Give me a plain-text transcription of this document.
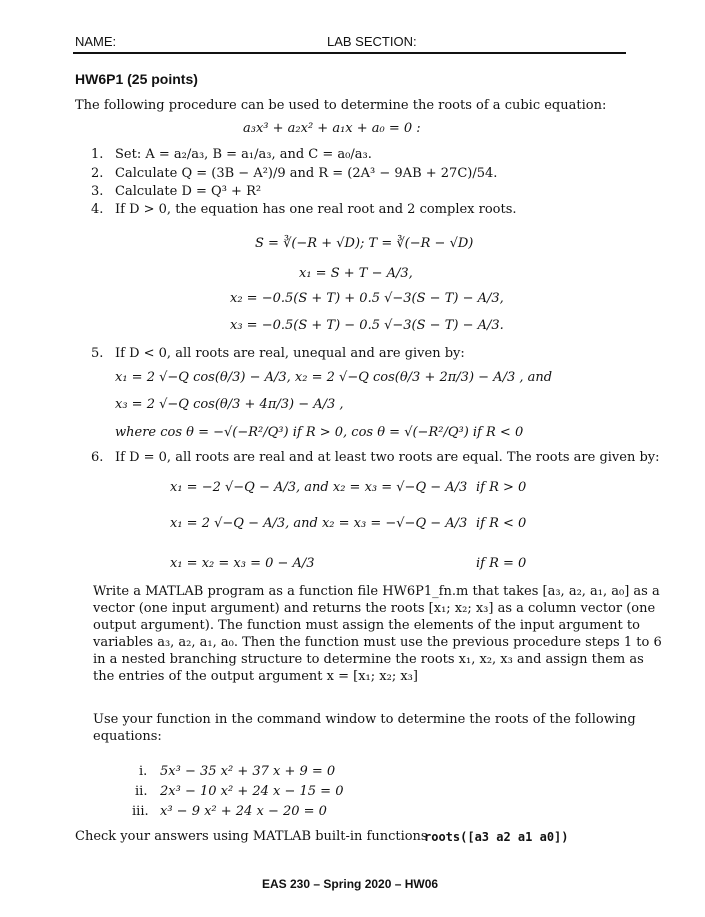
NAME:	LAB SECTION:
HW6P1 (25 points)
The following procedure can be used to determine the roots of a cubic equation:
a₃x³ + a₂x² + a₁x + a₀ = 0 :
1. Set: A = a₂/a₃, B = a₁/a₃, and C = a₀/a₃.
2. Calculate Q = (3B − A²)/9 and R = (2A³ − 9AB + 27C)/54.
3. Calculate D = Q³ + R²
4. If D > 0, the equation has one real root and 2 complex roots.
S = ∛(−R + √D); T = ∛(−R − √D)
x₁ = S + T − A/3,
x₂ = −0.5(S + T) + 0.5 √−3(S − T) − A/3,
x₃ = −0.5(S + T) − 0.5 √−3(S − T) − A/3.
5. If D < 0, all roots are real, unequal and are given by:
x₁ = 2 √−Q cos(θ/3) − A/3, x₂ = 2 √−Q cos(θ/3 + 2π/3) − A/3 , and
x₃ = 2 √−Q cos(θ/3 + 4π/3) − A/3 ,
where cos θ = −√(−R²/Q³) if R > 0, cos θ = √(−R²/Q³) if R < 0
6. If D = 0, all roots are real and at least two roots are equal. The roots are given by:
x₁ = −2 √−Q − A/3, and x₂ = x₃ = √−Q − A/3 if R > 0
x₁ = 2 √−Q − A/3, and x₂ = x₃ = −√−Q − A/3 if R < 0
x₁ = x₂ = x₃ = 0 − A/3	if R = 0
Write a MATLAB program as a function file HW6P1_fn.m that takes [a₃, a₂, a₁, a₀] as a
vector (one input argument) and returns the roots [x₁; x₂; x₃] as a column vector (one
output argument). The function must assign the elements of the input argument to
variables a₃, a₂, a₁, a₀. Then the function must use the previous procedure steps 1 to 6
in a nested branching structure to determine the roots x₁, x₂, x₃ and assign them as
the entries of the output argument x = [x₁; x₂; x₃]
Use your function in the command window to determine the roots of the following
equations:
i. 5x³ − 35 x² + 37 x + 9 = 0
ii. 2x³ − 10 x² + 24 x − 15 = 0
iii. x³ − 9 x² + 24 x − 20 = 0
Check your answers using MATLAB built-in functions
roots([a3 a2 a1 a0])
EAS 230 – Spring 2020 – HW06
